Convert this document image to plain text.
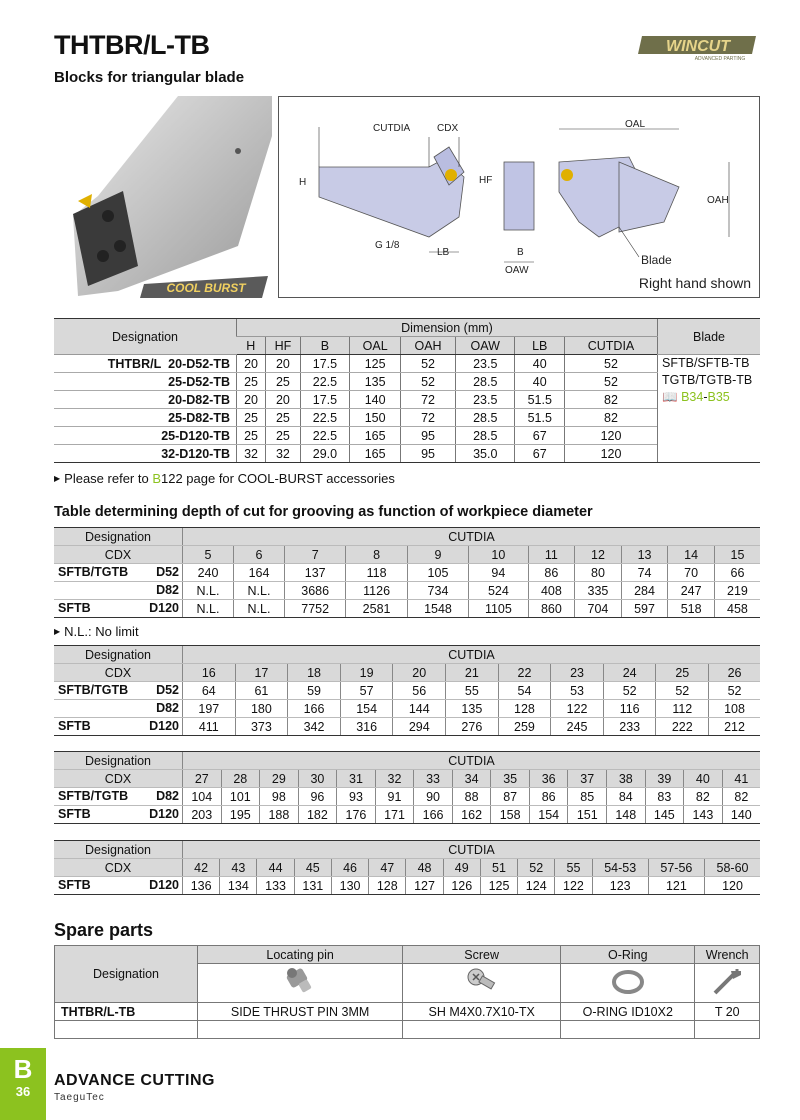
THTBR/L-TB
Blocks for triangular blade
WINCUT
ADVANCED PARTING
COOL BURST
CUTDIA	CDX
H	HF
G 1/8
LB	B
OAW
OAL
OAH
Blade
Right hand shown
Designation	Dimension (mm)								Blade
	H	HF	B	OAL	OAH	OAW	LB	CUTDIA	
THTBR/L 20-D52-TB	20	20	17.5	125	52	23.5	40	52	SFTB/SFTB-TB
TGTB/TGTB-TB
📖 B34-B35

25-D52-TB	25	25	22.5	135	52	28.5	40	52	
20-D82-TB	20	20	17.5	140	72	23.5	51.5	82	
25-D82-TB	25	25	22.5	150	72	28.5	51.5	82	
25-D120-TB	25	25	22.5	165	95	28.5	67	120	
32-D120-TB	32	32	29.0	165	95	35.0	67	120	
▶ Please refer to B122 page for COOL-BURST accessories
Table determining depth of cut for grooving as function of workpiece diameter
Designation	CUTDIA										
CDX	5	6	7	8	9	10	11	12	13	14	15

SFTB/TGTB D52	240	164	137	118	105	94	86	80	74	70	66

D82	N.L.	N.L.	3686	1126	734	524	408	335	284	247	219

SFTB D120	N.L.	N.L.	7752	2581	1548	1105	860	704	597	518	458
▶ N.L.: No limit
Designation	CUTDIA										
CDX	16	17	18	19	20	21	22	23	24	25	26

SFTB/TGTB D52	64	61	59	57	56	55	54	53	52	52	52

D82	197	180	166	154	144	135	128	122	116	112	108

SFTB D120	411	373	342	316	294	276	259	245	233	222	212
Designation	CUTDIA														
CDX	27	28	29	30	31	32	33	34	35	36	37	38	39	40	41

SFTB/TGTB D82	104	101	98	96	93	91	90	88	87	86	85	84	83	82	82

SFTB D120	203	195	188	182	176	171	166	162	158	154	151	148	145	143	140
Designation	CUTDIA													
CDX	42	43	44	45	46	47	48	49	51	52	55	54-53	57-56	58-60

SFTB D120	136	134	133	131	130	128	127	126	125	124	122	123	121	120
Spare parts
Designation	Locating pin	Screw	O-Ring	Wrench

THTBR/L-TB	SIDE THRUST PIN 3MM	SH M4X0.7X10-TX	O-RING ID10X2	T 20

B
36
ADVANCE CUTTING
TaeguTec
